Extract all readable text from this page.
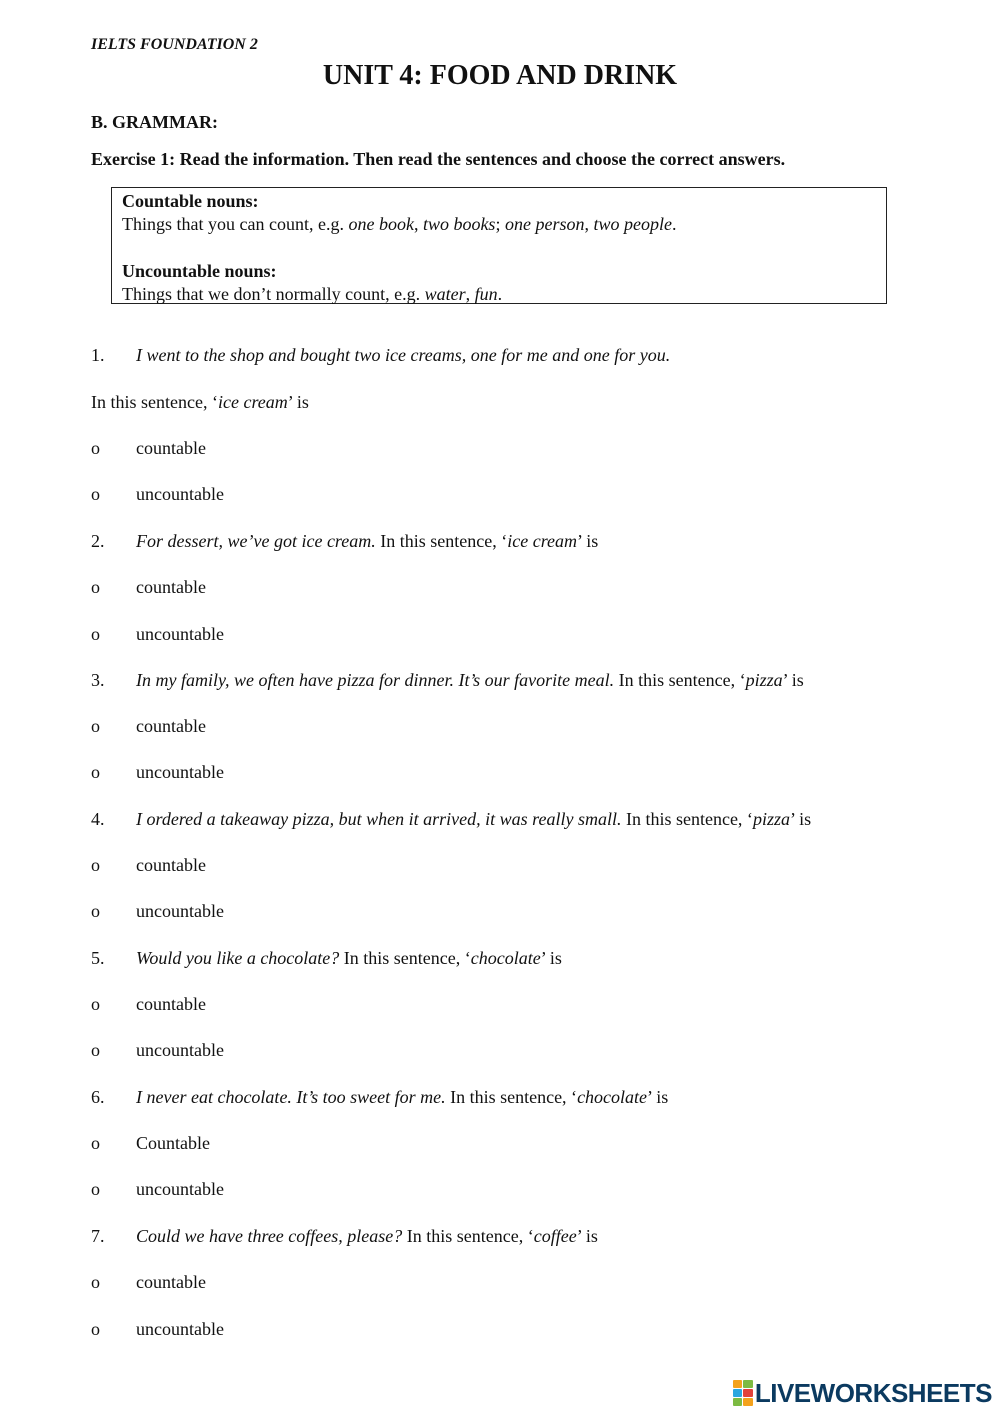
IELTS FOUNDATION 2
UNIT 4: FOOD AND DRINK
B. GRAMMAR:
Exercise 1: Read the information. Then read the sentences and choose the correct answers.
Countable nouns:
Things that you can count, e.g. one book, two books; one person, two people.
Uncountable nouns:
Things that we don’t normally count, e.g. water, fun.
1. I went to the shop and bought two ice creams, one for me and one for you.
In this sentence, ‘ice cream’ is
o countable
o uncountable
2. For dessert, we’ve got ice cream. In this sentence, ‘ice cream’ is
o countable
o uncountable
3. In my family, we often have pizza for dinner. It’s our favorite meal. In this sentence, ‘pizza’ is
o countable
o uncountable
4. I ordered a takeaway pizza, but when it arrived, it was really small. In this sentence, ‘pizza’ is
o countable
o uncountable
5. Would you like a chocolate? In this sentence, ‘chocolate’ is
o countable
o uncountable
6. I never eat chocolate. It’s too sweet for me. In this sentence, ‘chocolate’ is
o Countable
o uncountable
7. Could we have three coffees, please? In this sentence, ‘coffee’ is
o countable
o uncountable
LIVEWORKSHEETS
